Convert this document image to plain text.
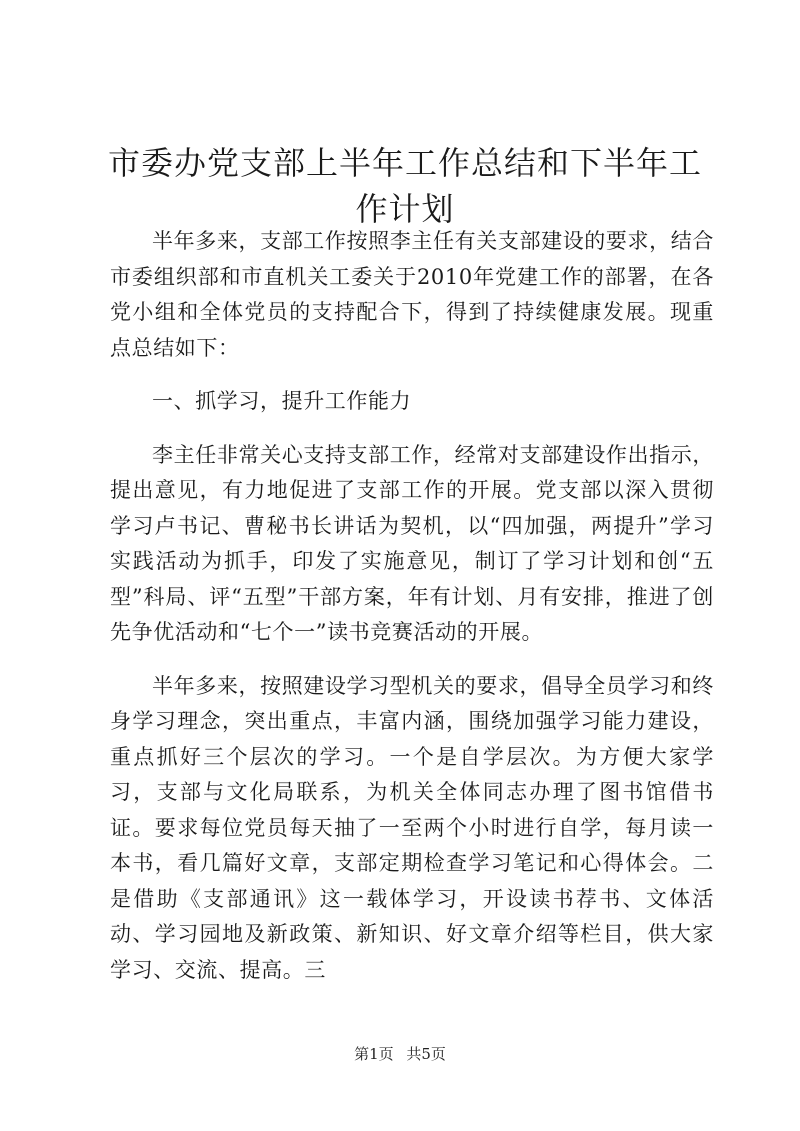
市委办党支部上半年工作总结和下半年工作计划

半年多来，支部工作按照李主任有关支部建设的要求，结合市委组织部和市直机关工委关于2010年党建工作的部署，在各党小组和全体党员的支持配合下，得到了持续健康发展。现重点总结如下：

一、抓学习，提升工作能力

李主任非常关心支持支部工作，经常对支部建设作出指示，提出意见，有力地促进了支部工作的开展。党支部以深入贯彻学习卢书记、曹秘书长讲话为契机，以“四加强，两提升”学习实践活动为抓手，印发了实施意见，制订了学习计划和创“五型”科局、评“五型”干部方案，年有计划、月有安排，推进了创先争优活动和“七个一”读书竞赛活动的开展。

半年多来，按照建设学习型机关的要求，倡导全员学习和终身学习理念，突出重点，丰富内涵，围绕加强学习能力建设，重点抓好三个层次的学习。一个是自学层次。为方便大家学习，支部与文化局联系，为机关全体同志办理了图书馆借书证。要求每位党员每天抽了一至两个小时进行自学，每月读一本书，看几篇好文章，支部定期检查学习笔记和心得体会。二是借助《支部通讯》这一载体学习，开设读书荐书、文体活动、学习园地及新政策、新知识、好文章介绍等栏目，供大家学习、交流、提高。三

第1页 共5页
